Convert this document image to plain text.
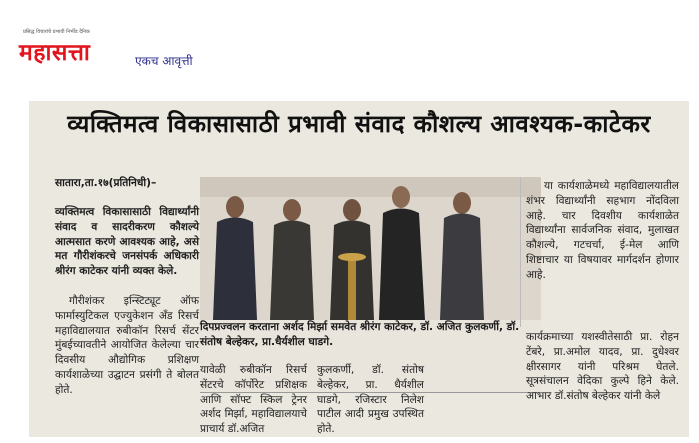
प्रसिद्ध विचारांचे प्रभावी निर्भीड दैनिक
महासत्ता	एकच आवृत्ती
व्यक्तिमत्व विकासासाठी प्रभावी संवाद कौशल्य आवश्यक-काटेकर
सातारा,ता.१७(प्रतिनिधी)–
व्यक्तिमत्व विकासासाठी विद्यार्थ्यांनी संवाद व सादरीकरण कौशल्ये आत्मसात करणे आवश्यक आहे, असे मत गौरीशंकरचे जनसंपर्क अधिकारी श्रीरंग काटेकर यांनी व्यक्त केले.
गौरीशंकर इन्स्टिट्यूट ऑफ फार्मास्युटिकल एज्युकेशन अँड रिसर्च महाविद्यालयात रुबीकॉन रिसर्च सेंटर मुंबईच्यावतीने आयोजित केलेल्या चार दिवसीय औद्योगिक प्रशिक्षण कार्यशाळेच्या उद्घाटन प्रसंगी ते बोलत होते.
दिपप्रज्वलन करताना अर्शद मिर्झा समवेत श्रीरंग काटेकर, डॉ. अजित कुलकर्णी, डॉ. संतोष बेल्हेकर, प्रा.धैर्यशील घाडगे.
यावेळी रुबीकॉन रिसर्च सेंटरचे कॉर्पोरेट प्रशिक्षक आणि सॉफ्ट स्किल ट्रेनर अर्शद मिर्झा, महाविद्यालयाचे प्राचार्य डॉ.अजित
कुलकर्णी, डॉ. संतोष बेल्हेकर, प्रा. धैर्यशील घाडगे, रजिस्टार निलेश पाटील आदी प्रमुख उपस्थित होते.
या कार्यशाळेमध्ये महाविद्यालयातील शंभर विद्यार्थ्यांनी सहभाग नोंदविला आहे. चार दिवशीय कार्यशाळेत विद्यार्थ्यांना सार्वजनिक संवाद, मुलाखत कौशल्ये, गटचर्चा, ई-मेल आणि शिष्टाचार या विषयावर मार्गदर्शन होणार आहे.
कार्यक्रमाच्या यशस्वीतेसाठी प्रा. रोहन टेंबरे, प्रा.अमोल यादव, प्रा. दुधेश्वर क्षीरसागर यांनी परिश्रम घेतले. सूत्रसंचालन वेदिका कुल्पे हिने केले. आभार डॉ.संतोष बेल्हेकर यांनी केले
